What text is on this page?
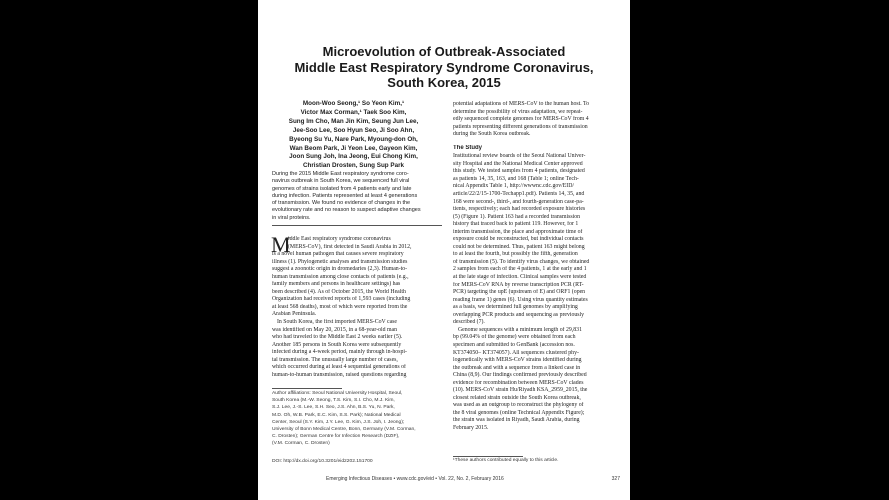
Microevolution of Outbreak-Associated
Middle East Respiratory Syndrome Coronavirus,
South Korea, 2015
Moon-Woo Seong,¹ So Yeon Kim,¹
Victor Max Corman,¹ Taek Soo Kim,
Sung Im Cho, Man Jin Kim, Seung Jun Lee,
Jee-Soo Lee, Soo Hyun Seo, Ji Soo Ahn,
Byeong Su Yu, Nare Park, Myoung-don Oh,
Wan Beom Park, Ji Yeon Lee, Gayeon Kim,
Joon Sung Joh, Ina Jeong, Eui Chong Kim,
Christian Drosten, Sung Sup Park
During the 2015 Middle East respiratory syndrome coro-
navirus outbreak in South Korea, we sequenced full viral
genomes of strains isolated from 4 patients early and late
during infection. Patients represented at least 4 generations
of transmission. We found no evidence of changes in the
evolutionary rate and no reason to suspect adaptive changes
in viral proteins.
M
iddle East respiratory syndrome coronavirus
(MERS-CoV), first detected in Saudi Arabia in 2012,
is a novel human pathogen that causes severe respiratory
illness (1). Phylogenetic analyses and transmission studies
suggest a zoonotic origin in dromedaries (2,3). Human-to-
human transmission among close contacts of patients (e.g.,
family members and persons in healthcare settings) has
been described (4). As of October 2015, the World Health
Organization had received reports of 1,593 cases (including
at least 568 deaths), most of which were reported from the
Arabian Peninsula.
In South Korea, the first imported MERS-CoV case
was identified on May 20, 2015, in a 68-year-old man
who had traveled to the Middle East 2 weeks earlier (5).
Another 185 persons in South Korea were subsequently
infected during a 4-week period, mainly through in-hospi-
tal transmission. The unusually large number of cases,
which occurred during at least 4 sequential generations of
human-to-human transmission, raised questions regarding
Author affiliations: Seoul National University Hospital, Seoul,
South Korea (M.-W. Seong, T.S. Kim, S.I. Cho, M.J. Kim,
S.J. Lee, J.-S. Lee, S.H. Seo, J.S. Ahn, B.S. Yu, N. Park,
M.D. Oh, W.B. Park, E.C. Kim, S.S. Park); National Medical
Center, Seoul (S.Y. Kim, J.Y. Lee, G. Kim, J.S. Joh, I. Jeong);
University of Bonn Medical Centre, Bonn, Germany (V.M. Corman,
C. Drosten); German Centre for Infection Research (DZIF),
(V.M. Corman, C. Drosten)
DOI: http://dx.doi.org/10.3201/eid2202.151700
potential adaptations of MERS-CoV to the human host. To
determine the possibility of virus adaptation, we repeat-
edly sequenced complete genomes for MERS-CoV from 4
patients representing different generations of transmission
during the South Korea outbreak.
The Study
Institutional review boards of the Seoul National Univer-
sity Hospital and the National Medical Center approved
this study. We tested samples from 4 patients, designated
as patients 14, 35, 163, and 168 (Table 1; online Tech-
nical Appendix Table 1, http://wwwnc.cdc.gov/EID/
article/22/2/15-1700-Techapp1.pdf). Patients 14, 35, and
168 were second-, third-, and fourth-generation case-pa-
tients, respectively; each had recorded exposure histories
(5) (Figure 1). Patient 163 had a recorded transmission
history that traced back to patient 119. However, for 1
interim transmission, the place and approximate time of
exposure could be reconstructed, but individual contacts
could not be determined. Thus, patient 163 might belong
to at least the fourth, but possibly the fifth, generation
of transmission (5). To identify virus changes, we obtained
2 samples from each of the 4 patients, 1 at the early and 1
at the late stage of infection. Clinical samples were tested
for MERS-CoV RNA by reverse transcription PCR (RT-
PCR) targeting the upE (upstream of E) and ORF1 (open
reading frame 1) genes (6). Using virus quantity estimates
as a basis, we determined full genomes by amplifying
overlapping PCR products and sequencing as previously
described (7).
Genome sequences with a minimum length of 29,831
bp (99.04% of the genome) were obtained from each
specimen and submitted to GenBank (accession nos.
KT374050– KT374057). All sequences clustered phy-
logenetically with MERS-CoV strains identified during
the outbreak and with a sequence from a linked case in
China (8,9). Our findings confirmed previously described
evidence for recombination between MERS-CoV clades
(10). MERS-CoV strain Hu/Riyadh KSA_2959_2015, the
closest related strain outside the South Korea outbreak,
was used as an outgroup to reconstruct the phylogeny of
the 8 viral genomes (online Technical Appendix Figure);
the strain was isolated in Riyadh, Saudi Arabia, during
February 2015.
¹These authors contributed equally to this article.
Emerging Infectious Diseases • www.cdc.gov/eid • Vol. 22, No. 2, February 2016	327
